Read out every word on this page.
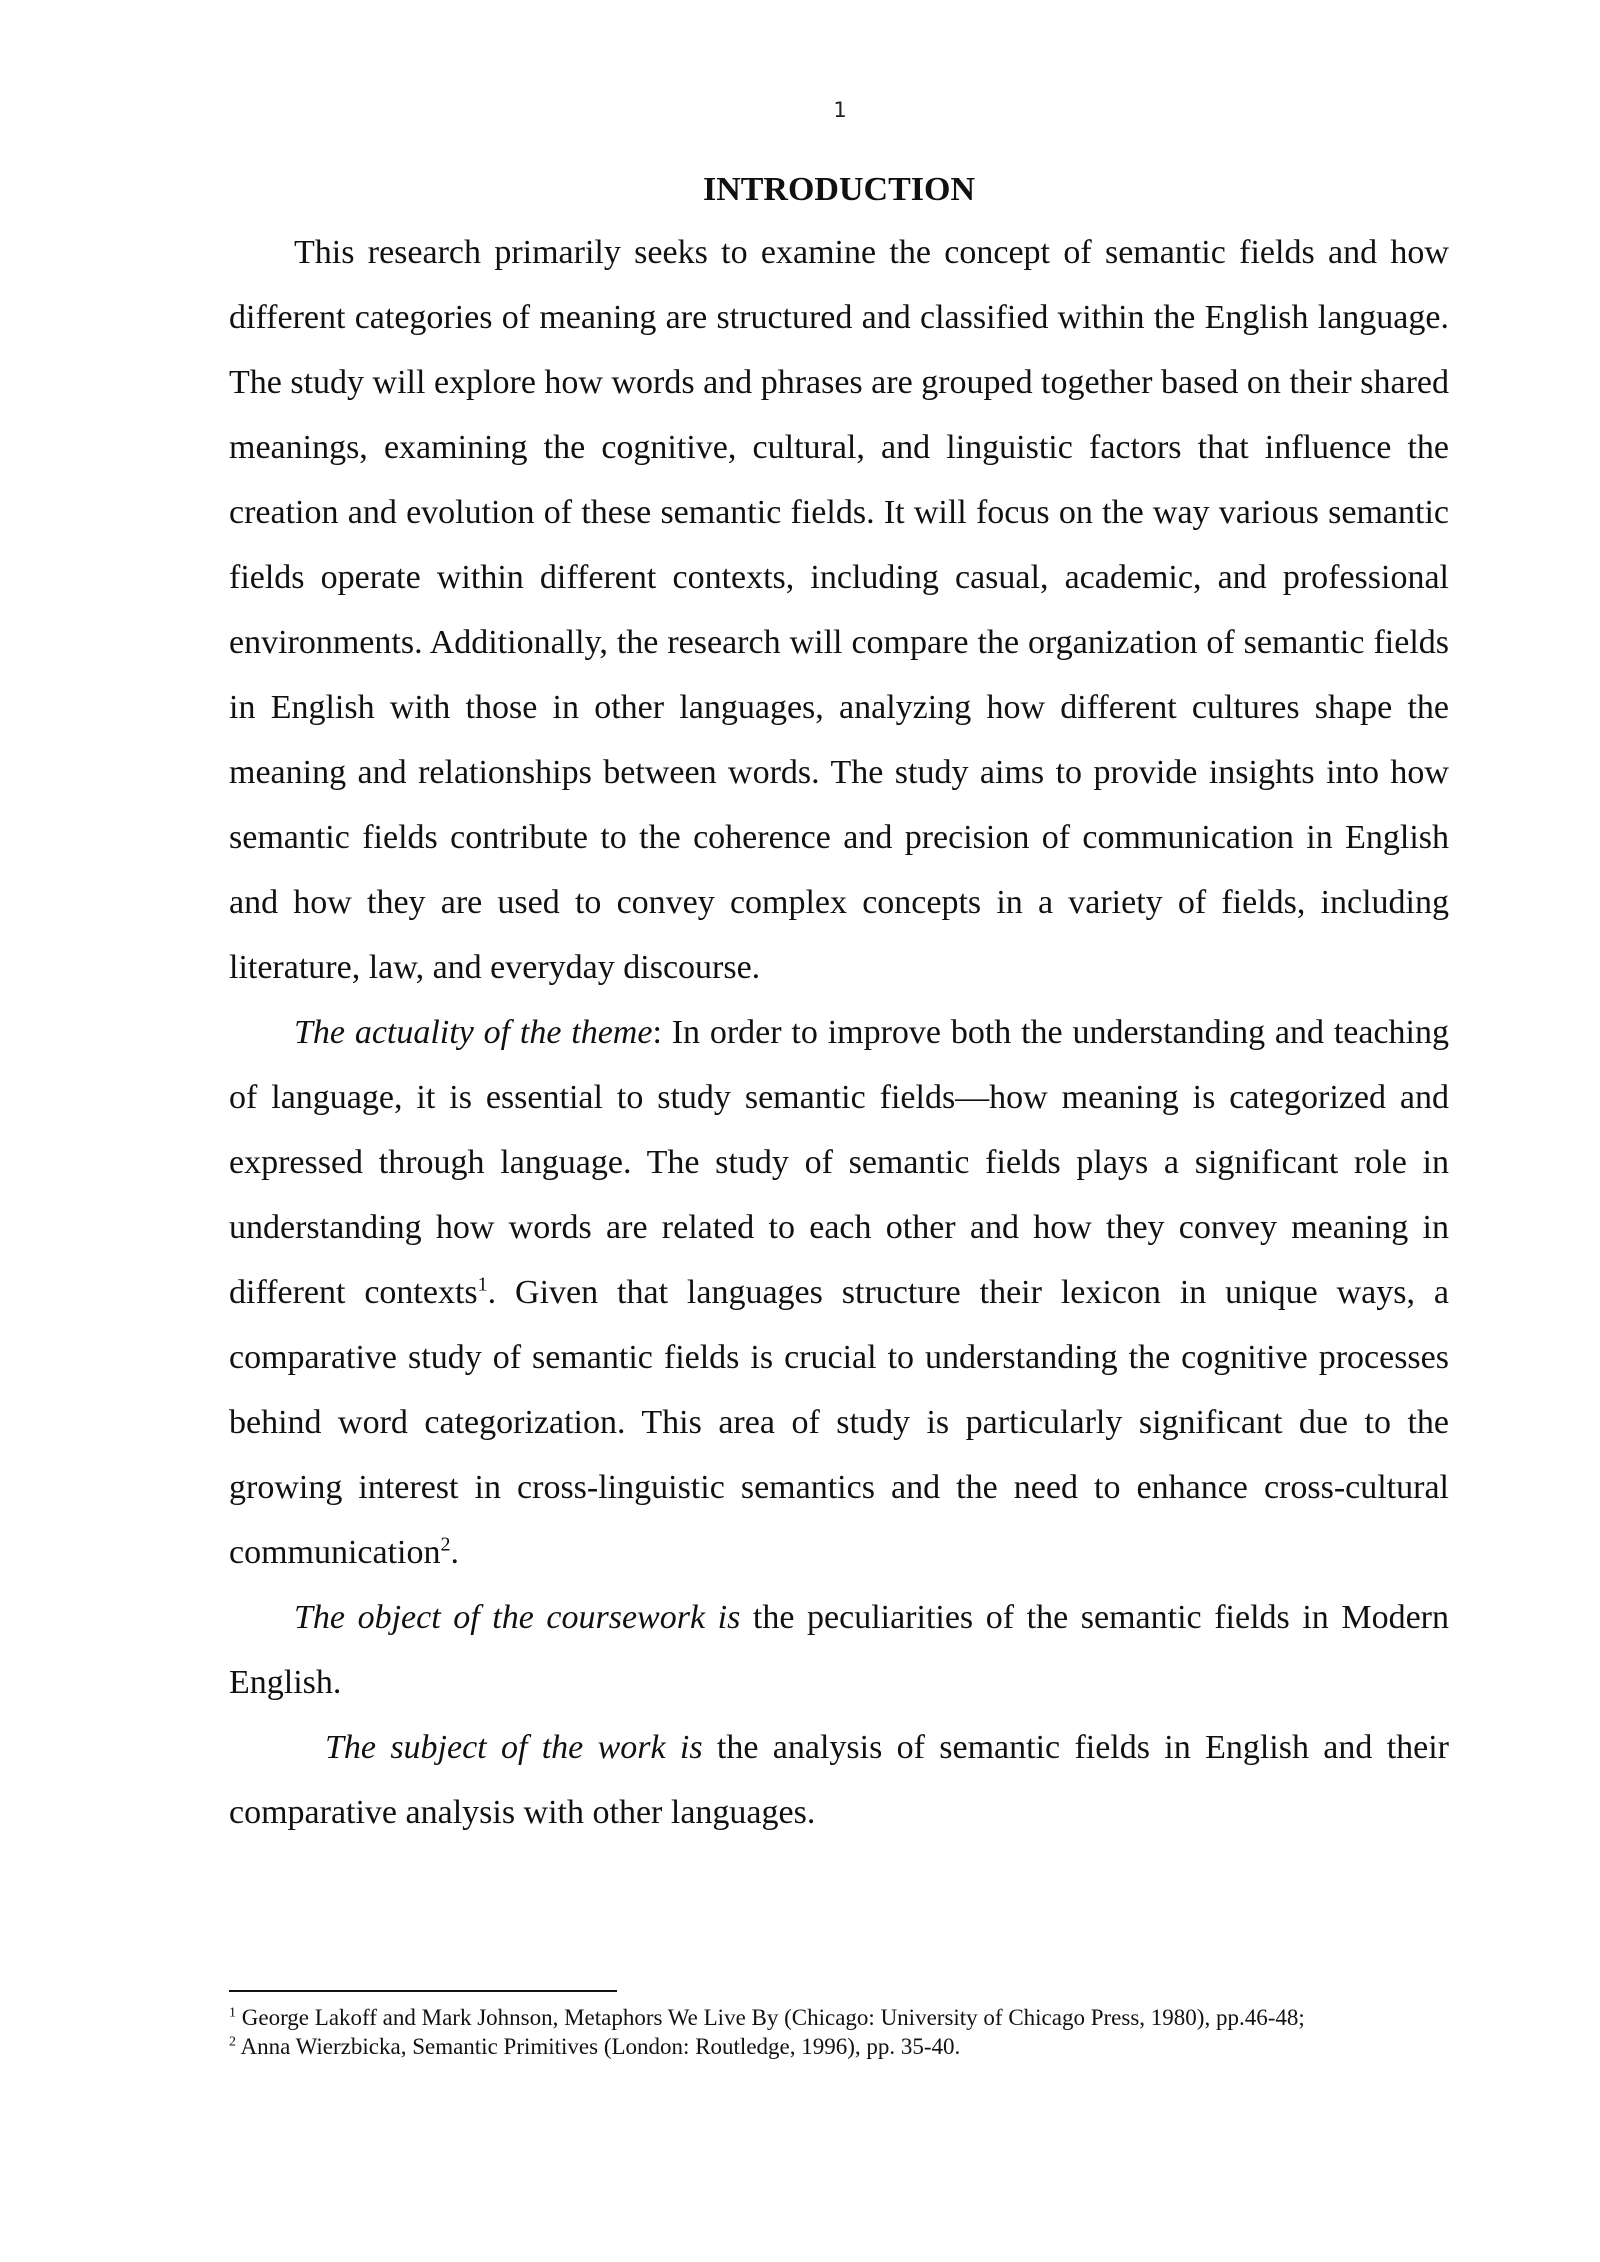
1

INTRODUCTION

This research primarily seeks to examine the concept of semantic fields and how different categories of meaning are structured and classified within the English language. The study will explore how words and phrases are grouped together based on their shared meanings, examining the cognitive, cultural, and linguistic factors that influence the creation and evolution of these semantic fields. It will focus on the way various semantic fields operate within different contexts, including casual, academic, and professional environments. Additionally, the research will compare the organization of semantic fields in English with those in other languages, analyzing how different cultures shape the meaning and relationships between words. The study aims to provide insights into how semantic fields contribute to the coherence and precision of communication in English and how they are used to convey complex concepts in a variety of fields, including literature, law, and everyday discourse.

The actuality of the theme: In order to improve both the understanding and teaching of language, it is essential to study semantic fields—how meaning is categorized and expressed through language. The study of semantic fields plays a significant role in understanding how words are related to each other and how they convey meaning in different contexts$^1$. Given that languages structure their lexicon in unique ways, a comparative study of semantic fields is crucial to understanding the cognitive processes behind word categorization. This area of study is particularly significant due to the growing interest in cross-linguistic semantics and the need to enhance cross-cultural communication$^2$.

The object of the coursework is the peculiarities of the semantic fields in Modern English.

The subject of the work is the analysis of semantic fields in English and their comparative analysis with other languages.

$^1$ George Lakoff and Mark Johnson, Metaphors We Live By (Chicago: University of Chicago Press, 1980), pp.46-48;

$^2$ Anna Wierzbicka, Semantic Primitives (London: Routledge, 1996), pp. 35-40.
